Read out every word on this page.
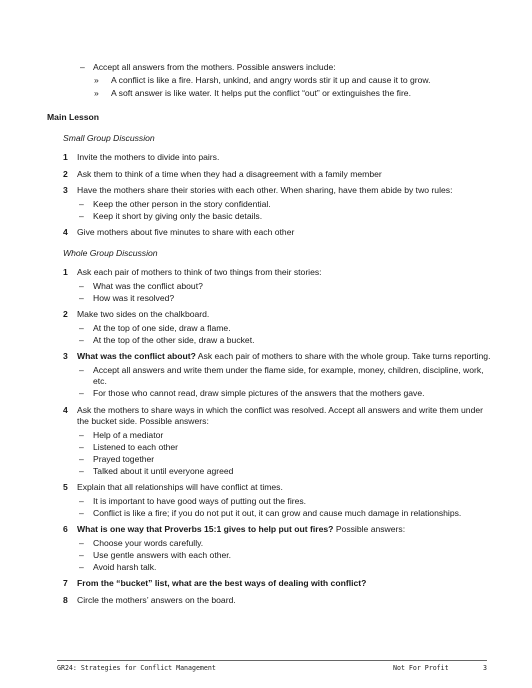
– Accept all answers from the mothers. Possible answers include:
» A conflict is like a fire. Harsh, unkind, and angry words stir it up and cause it to grow.
» A soft answer is like water. It helps put the conflict “out” or extinguishes the fire.
Main Lesson
Small Group Discussion
1 Invite the mothers to divide into pairs.
2 Ask them to think of a time when they had a disagreement with a family member
3 Have the mothers share their stories with each other. When sharing, have them abide by two rules:
– Keep the other person in the story confidential.
– Keep it short by giving only the basic details.
4 Give mothers about five minutes to share with each other
Whole Group Discussion
1 Ask each pair of mothers to think of two things from their stories:
– What was the conflict about?
– How was it resolved?
2 Make two sides on the chalkboard.
– At the top of one side, draw a flame.
– At the top of the other side, draw a bucket.
3 What was the conflict about? Ask each pair of mothers to share with the whole group. Take turns reporting.
– Accept all answers and write them under the flame side, for example, money, children, discipline, work, etc.
– For those who cannot read, draw simple pictures of the answers that the mothers gave.
4 Ask the mothers to share ways in which the conflict was resolved. Accept all answers and write them under the bucket side. Possible answers:
– Help of a mediator
– Listened to each other
– Prayed together
– Talked about it until everyone agreed
5 Explain that all relationships will have conflict at times.
– It is important to have good ways of putting out the fires.
– Conflict is like a fire; if you do not put it out, it can grow and cause much damage in relationships.
6 What is one way that Proverbs 15:1 gives to help put out fires? Possible answers:
– Choose your words carefully.
– Use gentle answers with each other.
– Avoid harsh talk.
7 From the “bucket” list, what are the best ways of dealing with conflict?
8 Circle the mothers’ answers on the board.
GR24: Strategies for Conflict Management	Not For Profit	3
